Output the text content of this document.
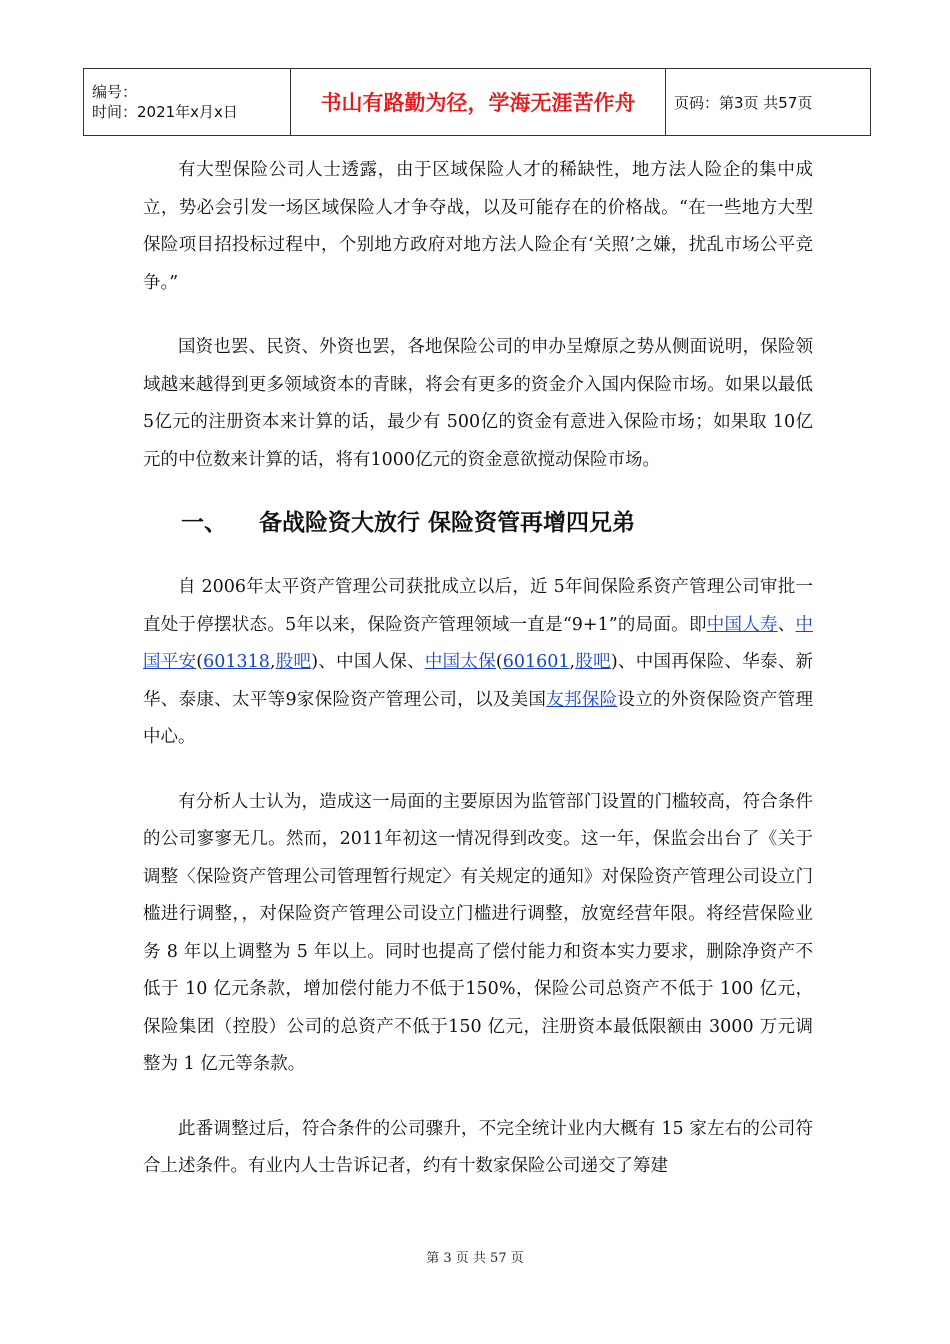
编号：
时间：2021年x月x日	书山有路勤为径，学海无涯苦作舟	页码：第3页 共57页

有大型保险公司人士透露，由于区域保险人才的稀缺性，地方法人险企的集中成立，势必会引发一场区域保险人才争夺战，以及可能存在的价格战。“在一些地方大型保险项目招投标过程中，个别地方政府对地方法人险企有‘关照’之嫌，扰乱市场公平竞争。”

国资也罢、民资、外资也罢，各地保险公司的申办呈燎原之势从侧面说明，保险领域越来越得到更多领域资本的青睐，将会有更多的资金介入国内保险市场。如果以最低 5亿元的注册资本来计算的话，最少有 500亿的资金有意进入保险市场；如果取 10亿元的中位数来计算的话，将有1000亿元的资金意欲搅动保险市场。

一、 备战险资大放行 保险资管再增四兄弟

自 2006年太平资产管理公司获批成立以后，近 5年间保险系资产管理公司审批一直处于停摆状态。5年以来，保险资产管理领域一直是“9+1”的局面。即中国人寿、中国平安(601318,股吧)、中国人保、中国太保(601601,股吧)、中国再保险、华泰、新华、泰康、太平等9家保险资产管理公司，以及美国友邦保险设立的外资保险资产管理中心。

有分析人士认为，造成这一局面的主要原因为监管部门设置的门槛较高，符合条件的公司寥寥无几。然而，2011年初这一情况得到改变。这一年，保监会出台了《关于调整〈保险资产管理公司管理暂行规定〉有关规定的通知》对保险资产管理公司设立门槛进行调整，，对保险资产管理公司设立门槛进行调整，放宽经营年限。将经营保险业务 8 年以上调整为 5 年以上。同时也提高了偿付能力和资本实力要求，删除净资产不低于 10 亿元条款，增加偿付能力不低于150%，保险公司总资产不低于 100 亿元，保险集团（控股）公司的总资产不低于150 亿元，注册资本最低限额由 3000 万元调整为 1 亿元等条款。

此番调整过后，符合条件的公司骤升，不完全统计业内大概有 15 家左右的公司符合上述条件。有业内人士告诉记者，约有十数家保险公司递交了筹建

第 3 页 共 57 页
